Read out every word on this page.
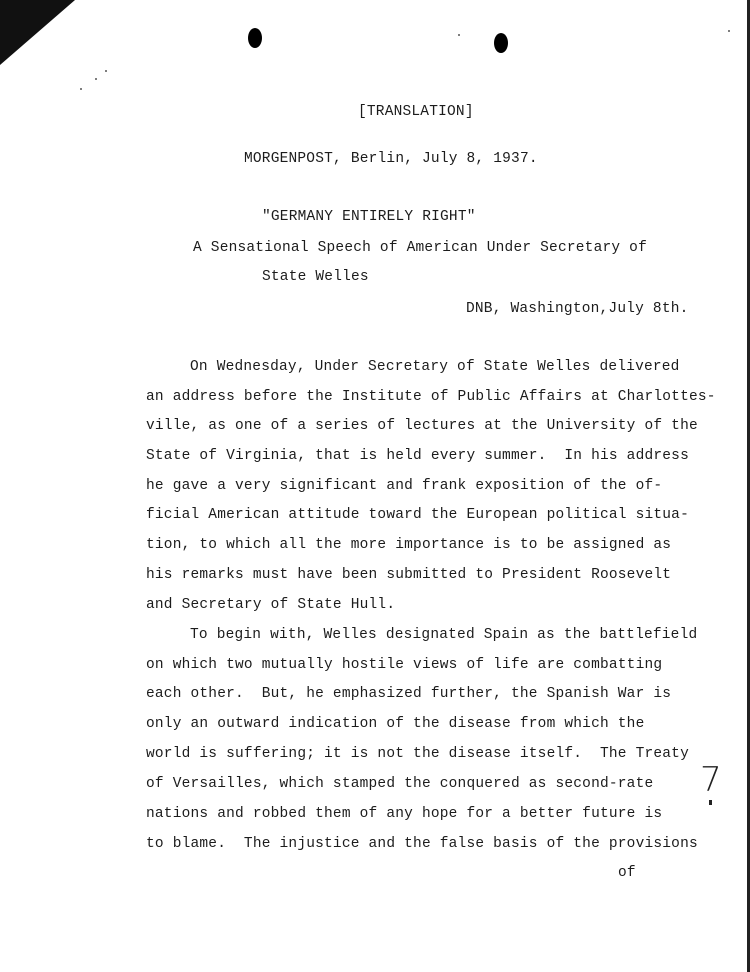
[TRANSLATION]
MORGENPOST, Berlin, July 8, 1937.
"GERMANY ENTIRELY RIGHT"
A Sensational Speech of American Under Secretary of
State Welles
DNB, Washington,July 8th.
On Wednesday, Under Secretary of State Welles delivered
an address before the Institute of Public Affairs at Charlottes-
ville, as one of a series of lectures at the University of the
State of Virginia, that is held every summer.  In his address
he gave a very significant and frank exposition of the of-
ficial American attitude toward the European political situa-
tion, to which all the more importance is to be assigned as
his remarks must have been submitted to President Roosevelt
and Secretary of State Hull.
To begin with, Welles designated Spain as the battlefield
on which two mutually hostile views of life are combatting
each other.  But, he emphasized further, the Spanish War is
only an outward indication of the disease from which the
world is suffering; it is not the disease itself.  The Treaty
of Versailles, which stamped the conquered as second-rate
nations and robbed them of any hope for a better future is
to blame.  The injustice and the false basis of the provisions
of
7
